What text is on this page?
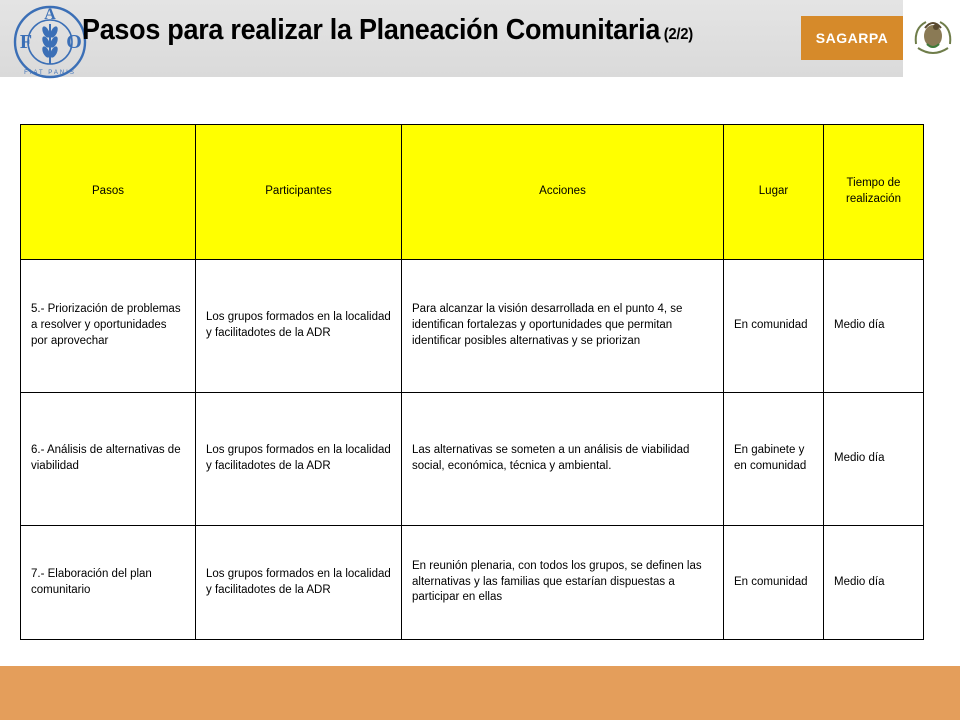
F
A
O
FIAT PANIS
Pasos para realizar la Planeación Comunitaria (2/2)	SAGARPA
Pasos	Participantes	Acciones	Lugar	Tiempo de realización
5.- Priorización de problemas a resolver y oportunidades por aprovechar	Los grupos formados en la localidad y facilitadotes de la ADR	Para alcanzar la visión desarrollada en el punto 4, se identifican fortalezas y oportunidades que permitan identificar posibles alternativas y se priorizan	En comunidad	Medio día
6.- Análisis de alternativas de viabilidad	Los grupos formados en la localidad y facilitadotes de la ADR	Las alternativas se someten a un análisis de viabilidad social, económica, técnica y ambiental.	En gabinete y en comunidad	Medio día
7.- Elaboración del plan comunitario	Los grupos formados en la localidad y facilitadotes de la ADR	En reunión plenaria, con todos los grupos, se definen las alternativas y las familias que estarían dispuestas a participar en ellas	En comunidad	Medio día
